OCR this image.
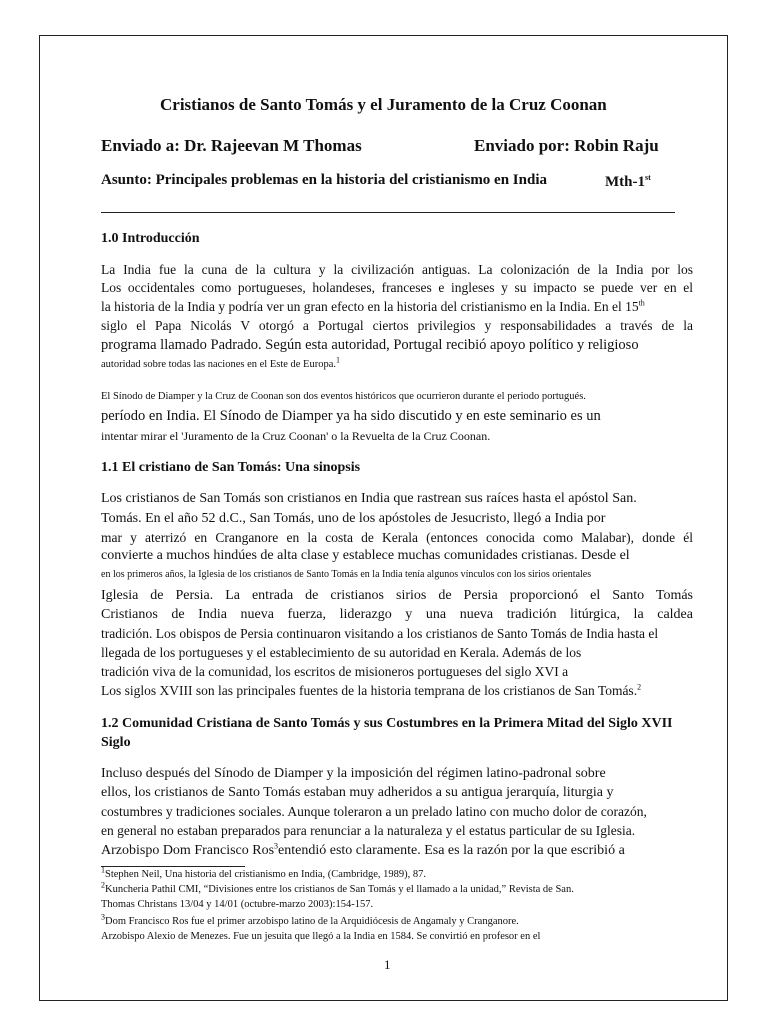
Cristianos de Santo Tomás y el Juramento de la Cruz Coonan
Enviado a: Dr. Rajeevan M Thomas	Enviado por: Robin Raju
Asunto: Principales problemas en la historia del cristianismo en India	Mth-1st
1.0 Introducción
La India fue la cuna de la cultura y la civilización antiguas. La colonización de la India por los
Los occidentales como portugueses, holandeses, franceses e ingleses y su impacto se puede ver en el
la historia de la India y podría ver un gran efecto en la historia del cristianismo en la India. En el 15th
siglo el Papa Nicolás V otorgó a Portugal ciertos privilegios y responsabilidades a través de la
programa llamado Padrado. Según esta autoridad, Portugal recibió apoyo político y religioso
autoridad sobre todas las naciones en el Este de Europa.$^1$
El Sínodo de Diamper y la Cruz de Coonan son dos eventos históricos que ocurrieron durante el periodo portugués.
período en India. El Sínodo de Diamper ya ha sido discutido y en este seminario es un
intentar mirar el 'Juramento de la Cruz Coonan' o la Revuelta de la Cruz Coonan.
1.1 El cristiano de San Tomás: Una sinopsis
Los cristianos de San Tomás son cristianos en India que rastrean sus raíces hasta el apóstol San.
Tomás. En el año 52 d.C., San Tomás, uno de los apóstoles de Jesucristo, llegó a India por
mar y aterrizó en Cranganore en la costa de Kerala (entonces conocida como Malabar), donde él
convierte a muchos hindúes de alta clase y establece muchas comunidades cristianas. Desde el
en los primeros años, la Iglesia de los cristianos de Santo Tomás en la India tenía algunos vínculos con los sirios orientales
Iglesia de Persia. La entrada de cristianos sirios de Persia proporcionó el Santo Tomás
Cristianos de India nueva fuerza, liderazgo y una nueva tradición litúrgica, la caldea
tradición. Los obispos de Persia continuaron visitando a los cristianos de Santo Tomás de India hasta el
llegada de los portugueses y el establecimiento de su autoridad en Kerala. Además de los
tradición viva de la comunidad, los escritos de misioneros portugueses del siglo XVI a
Los siglos XVIII son las principales fuentes de la historia temprana de los cristianos de San Tomás.$^2$
1.2 Comunidad Cristiana de Santo Tomás y sus Costumbres en la Primera Mitad del Siglo XVII
Siglo
Incluso después del Sínodo de Diamper y la imposición del régimen latino-padronal sobre
ellos, los cristianos de Santo Tomás estaban muy adheridos a su antigua jerarquía, liturgia y
costumbres y tradiciones sociales. Aunque toleraron a un prelado latino con mucho dolor de corazón,
en general no estaban preparados para renunciar a la naturaleza y el estatus particular de su Iglesia.
Arzobispo Dom Francisco Ros$^3$entendió esto claramente. Esa es la razón por la que escribió a
$^1$Stephen Neil, Una historia del cristianismo en India, (Cambridge, 1989), 87.
$^2$Kuncheria Pathil CMI, “Divisiones entre los cristianos de San Tomás y el llamado a la unidad,” Revista de San.
Thomas Christans 13/04 y 14/01 (octubre-marzo 2003):154-157.
$^3$Dom Francisco Ros fue el primer arzobispo latino de la Arquidiócesis de Angamaly y Cranganore.
Arzobispo Alexio de Menezes. Fue un jesuita que llegó a la India en 1584. Se convirtió en profesor en el
1
